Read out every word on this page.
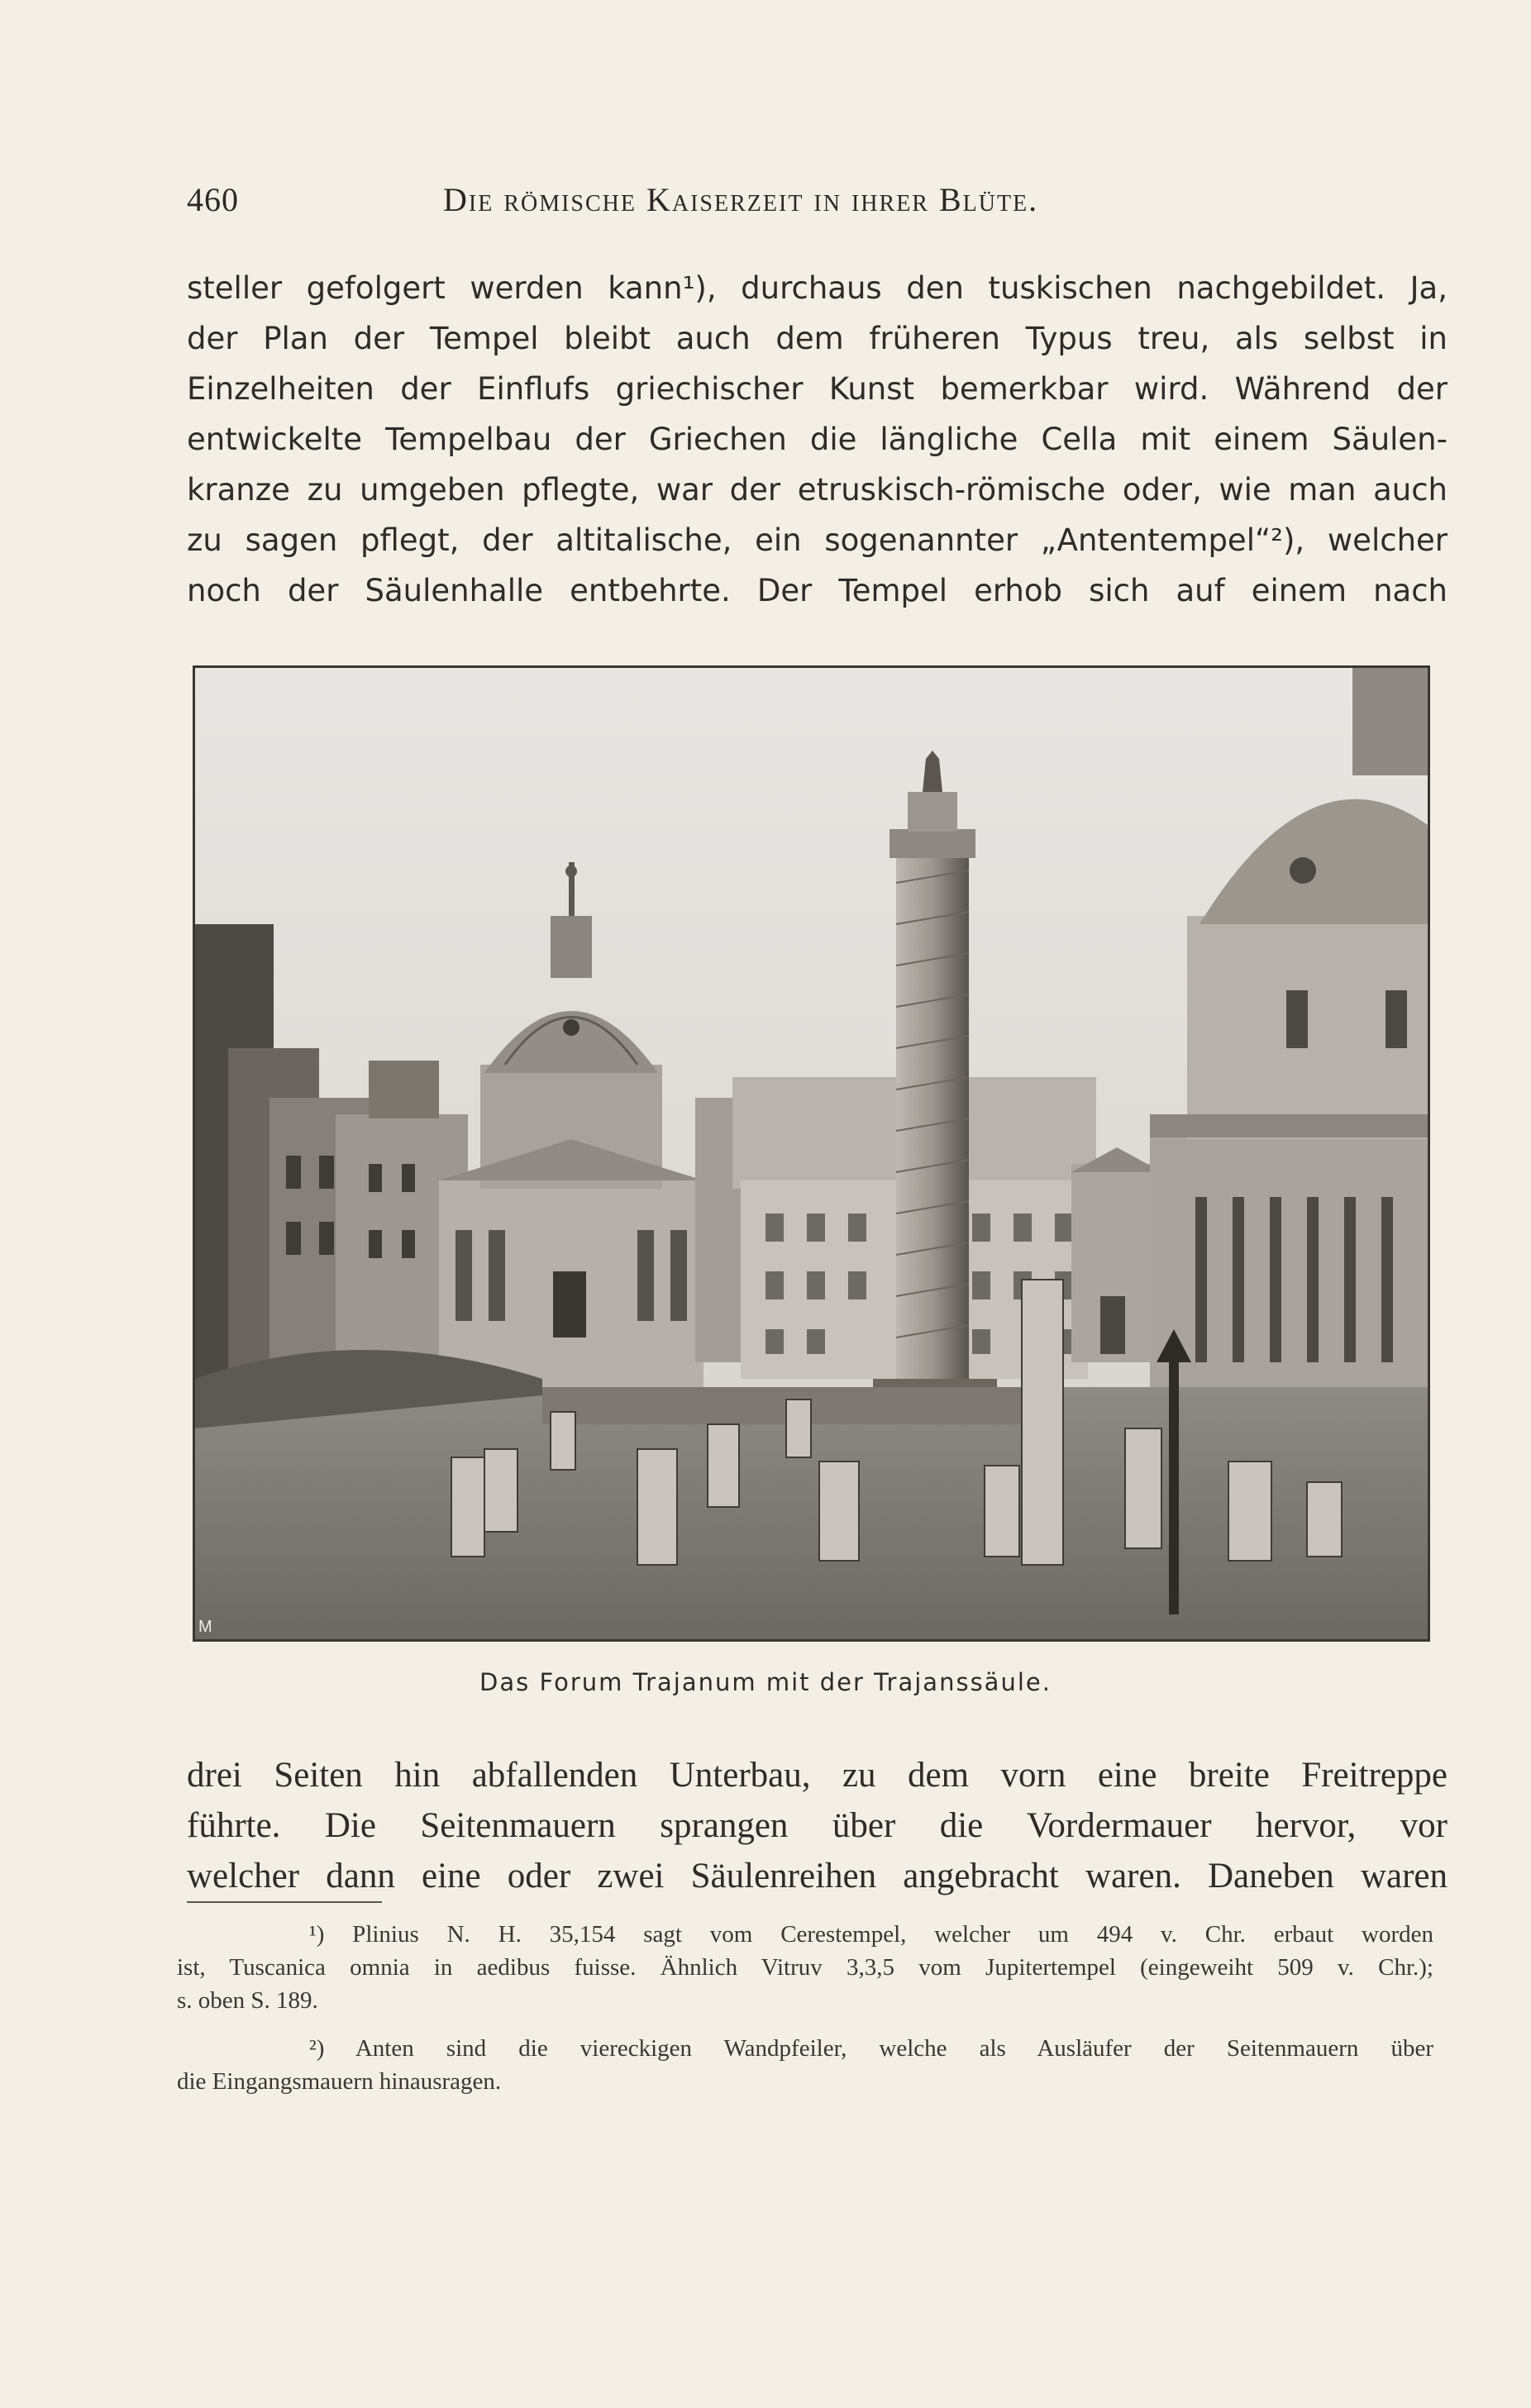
460	Die römische Kaiserzeit in ihrer Blüte.
steller gefolgert werden kann¹), durchaus den tuskischen nachgebildet. Ja,
der Plan der Tempel bleibt auch dem früheren Typus treu, als selbst in
Einzelheiten der Einflufs griechischer Kunst bemerkbar wird. Während der
entwickelte Tempelbau der Griechen die längliche Cella mit einem Säulen-
kranze zu umgeben pflegte, war der etruskisch-römische oder, wie man auch
zu sagen pflegt, der altitalische, ein sogenannter „Antentempel“²), welcher
noch der Säulenhalle entbehrte. Der Tempel erhob sich auf einem nach
M
Das Forum Trajanum mit der Trajanssäule.
drei Seiten hin abfallenden Unterbau, zu dem vorn eine breite Freitreppe
führte. Die Seitenmauern sprangen über die Vordermauer hervor, vor
welcher dann eine oder zwei Säulenreihen angebracht waren. Daneben waren
¹) Plinius N. H. 35,154 sagt vom Cerestempel, welcher um 494 v. Chr. erbaut worden
ist, Tuscanica omnia in aedibus fuisse. Ähnlich Vitruv 3,3,5 vom Jupitertempel (eingeweiht 509 v. Chr.);
s. oben S. 189.
²) Anten sind die viereckigen Wandpfeiler, welche als Ausläufer der Seitenmauern über
die Eingangsmauern hinausragen.
